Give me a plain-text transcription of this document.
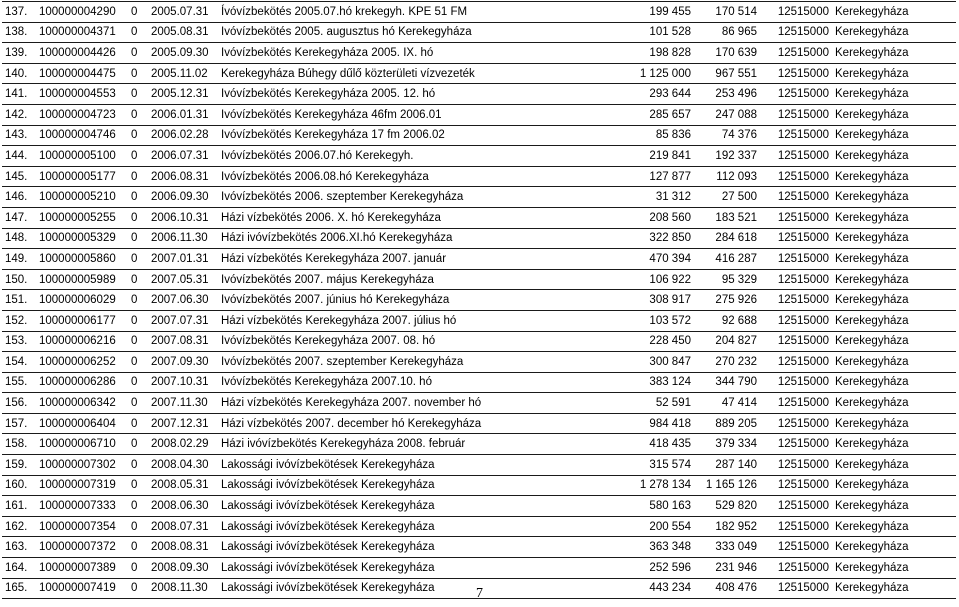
137.	100000004290	0	2005.07.31	Ívóvízbekötés 2005.07.hó krekegyh. KPE 51 FM	199 455	170 514	12515000	Kerekegyháza
138.	100000004371	0	2005.08.31	Ivóvízbekötés 2005. augusztus hó Kerekegyháza	101 528	86 965	12515000	Kerekegyháza
139.	100000004426	0	2005.09.30	Ivóvízbekötés Kerekegyháza 2005. IX. hó	198 828	170 639	12515000	Kerekegyháza
140.	100000004475	0	2005.11.02	Kerekegyháza Búhegy dűlő közterületi vízvezeték	1 125 000	967 551	12515000	Kerekegyháza
141.	100000004553	0	2005.12.31	Ivóvízbekötés Kerekegyháza 2005. 12. hó	293 644	253 496	12515000	Kerekegyháza
142.	100000004723	0	2006.01.31	Ivóvízbekötés Kerekegyháza 46fm 2006.01	285 657	247 088	12515000	Kerekegyháza
143.	100000004746	0	2006.02.28	Ivóvízbekötés Kerekegyháza 17 fm 2006.02	85 836	74 376	12515000	Kerekegyháza
144.	100000005100	0	2006.07.31	Ivóvízbekötés 2006.07.hó Kerekegyh.	219 841	192 337	12515000	Kerekegyháza
145.	100000005177	0	2006.08.31	Ivóvízbekötés 2006.08.hó Kerekegyháza	127 877	112 093	12515000	Kerekegyháza
146.	100000005210	0	2006.09.30	Ivóvízbekötés 2006. szeptember Kerekegyháza	31 312	27 500	12515000	Kerekegyháza
147.	100000005255	0	2006.10.31	Házi vízbekötés 2006. X. hó Kerekegyháza	208 560	183 521	12515000	Kerekegyháza
148.	100000005329	0	2006.11.30	Házi ivóvízbekötés 2006.XI.hó Kerekegyháza	322 850	284 618	12515000	Kerekegyháza
149.	100000005860	0	2007.01.31	Házi vízbekötés Kerekegyháza 2007. január	470 394	416 287	12515000	Kerekegyháza
150.	100000005989	0	2007.05.31	Ivóvízbekötés 2007. május Kerekegyháza	106 922	95 329	12515000	Kerekegyháza
151.	100000006029	0	2007.06.30	Ivóvízbekötés 2007. június hó Kerekegyháza	308 917	275 926	12515000	Kerekegyháza
152.	100000006177	0	2007.07.31	Házi vízbekötés Kerekegyháza 2007. július hó	103 572	92 688	12515000	Kerekegyháza
153.	100000006216	0	2007.08.31	Ivóvízbekötés Kerekegyháza 2007. 08. hó	228 450	204 827	12515000	Kerekegyháza
154.	100000006252	0	2007.09.30	Ivóvízbekötés 2007. szeptember Kerekegyháza	300 847	270 232	12515000	Kerekegyháza
155.	100000006286	0	2007.10.31	Ivóvízbekötés Kerekegyháza 2007.10. hó	383 124	344 790	12515000	Kerekegyháza
156.	100000006342	0	2007.11.30	Házi vízbekötés Kerekegyháza 2007. november hó	52 591	47 414	12515000	Kerekegyháza
157.	100000006404	0	2007.12.31	Házi vízbekötés 2007. december hó Kerekegyháza	984 418	889 205	12515000	Kerekegyháza
158.	100000006710	0	2008.02.29	Házi ivóvízbekötés Kerekegyháza 2008. február	418 435	379 334	12515000	Kerekegyháza
159.	100000007302	0	2008.04.30	Lakossági ivóvízbekötések Kerekegyháza	315 574	287 140	12515000	Kerekegyháza
160.	100000007319	0	2008.05.31	Lakossági ivóvízbekötések Kerekegyháza	1 278 134	1 165 126	12515000	Kerekegyháza
161.	100000007333	0	2008.06.30	Lakossági ivóvízbekötések Kerekegyháza	580 163	529 820	12515000	Kerekegyháza
162.	100000007354	0	2008.07.31	Lakossági ivóvízbekötések Kerekegyháza	200 554	182 952	12515000	Kerekegyháza
163.	100000007372	0	2008.08.31	Lakossági ivóvízbekötések Kerekegyháza	363 348	333 049	12515000	Kerekegyháza
164.	100000007389	0	2008.09.30	Lakossági ivóvízbekötések Kerekegyháza	252 596	231 946	12515000	Kerekegyháza
165.	100000007419	0	2008.11.30	Lakossági ivóvízbekötések Kerekegyháza	443 234	408 476	12515000	Kerekegyháza
7
